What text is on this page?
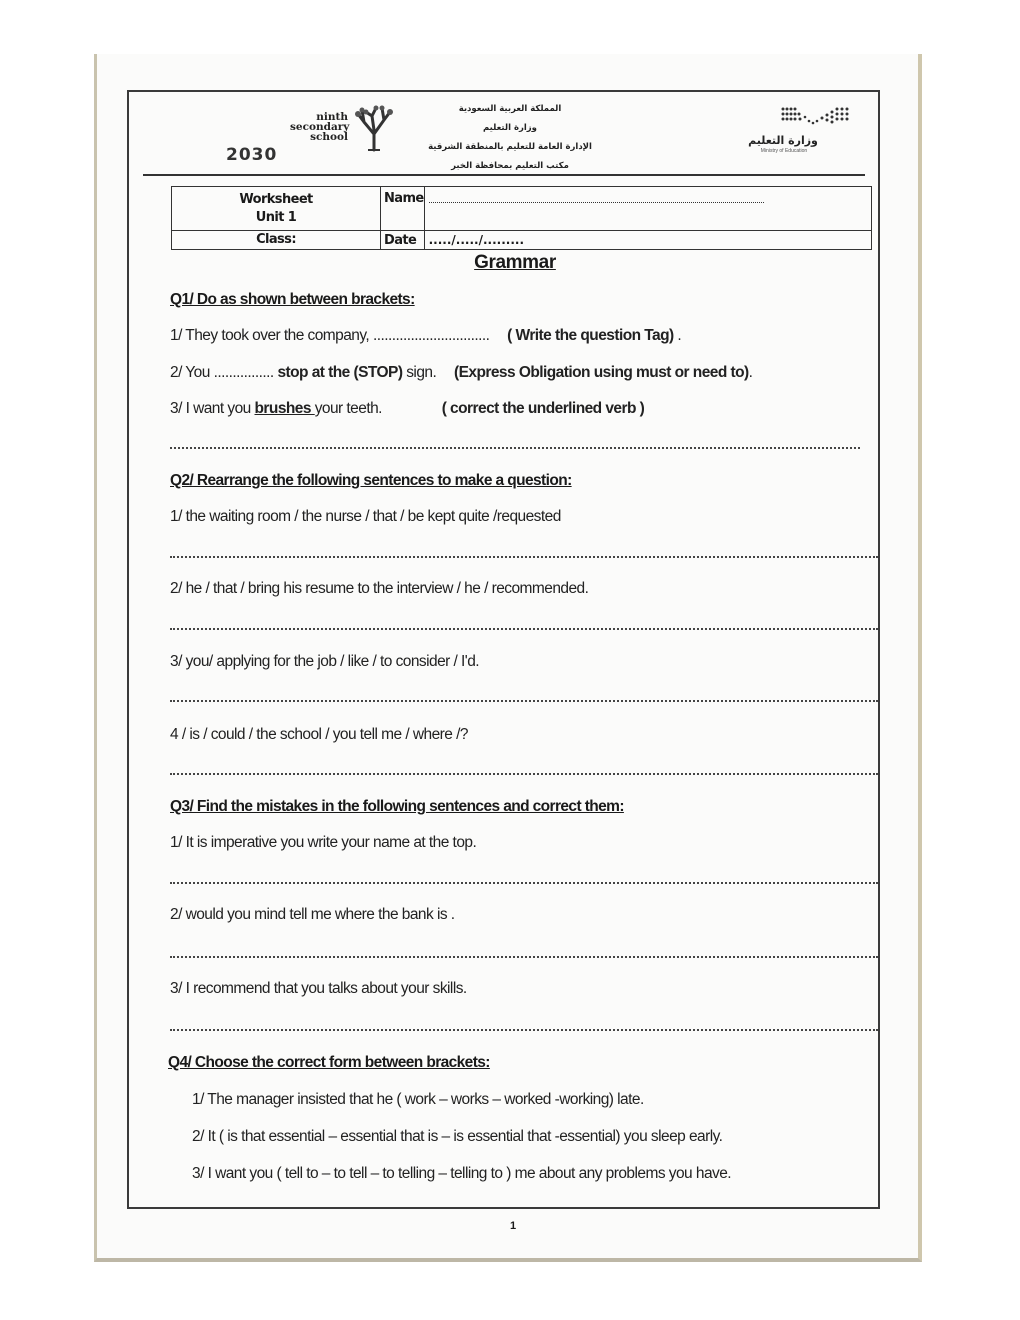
2030
ninth
secondary
school
المملكة العربية السعودية
وزارة التعليم
الإدارة العامة للتعليم بالمنطقة الشرقية
مكتب التعليم بمحافظة الخبر
وزارة التعليم
Ministry of Education
Worksheet
Unit 1	Name	
Class:	Date	...../...../.........
Grammar
Q1/ Do as shown between brackets:
1/ They took over the company, ............................... ( Write the question Tag) .
2/ You ................ stop at the (STOP) sign. (Express Obligation using must or need to).
3/ I want you brushes your teeth.	( correct the underlined verb )
Q2/ Rearrange the following sentences to make a question:
1/ the waiting room / the nurse / that / be kept quite /requested
2/ he / that / bring his resume to the interview / he / recommended.
3/ you/ applying for the job / like / to consider / I'd.
4 / is / could / the school / you tell me / where /?
Q3/ Find the mistakes in the following sentences and correct them:
1/ It is imperative you write your name at the top.
2/ would you mind tell me where the bank is .
3/ I recommend that you talks about your skills.
Q4/ Choose the correct form between brackets:
1/ The manager insisted that he ( work – works – worked -working) late.
2/ It ( is that essential – essential that is – is essential that -essential) you sleep early.
3/ I want you ( tell to – to tell – to telling – telling to ) me about any problems you have.
1
